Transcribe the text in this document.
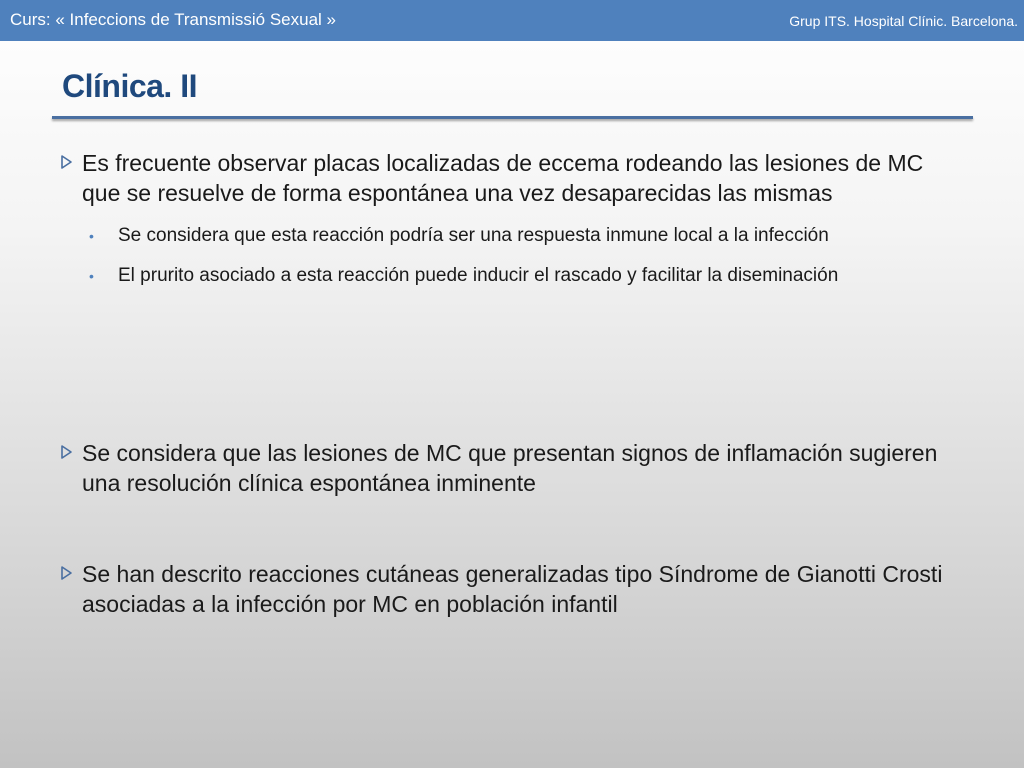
Curs: « Infeccions de Transmissió Sexual »	Grup ITS. Hospital Clínic. Barcelona.
Clínica. II
Es frecuente observar placas localizadas de eccema rodeando las lesiones de MC que se resuelve de forma espontánea una vez desaparecidas las mismas
• Se considera que esta reacción podría ser una respuesta inmune local a la infección
• El prurito asociado a esta reacción puede inducir el rascado y facilitar la diseminación
Se considera que las lesiones de MC que presentan signos de inflamación sugieren una resolución clínica espontánea inminente
Se han descrito reacciones cutáneas generalizadas tipo Síndrome de Gianotti Crosti asociadas a la infección por MC en población infantil
